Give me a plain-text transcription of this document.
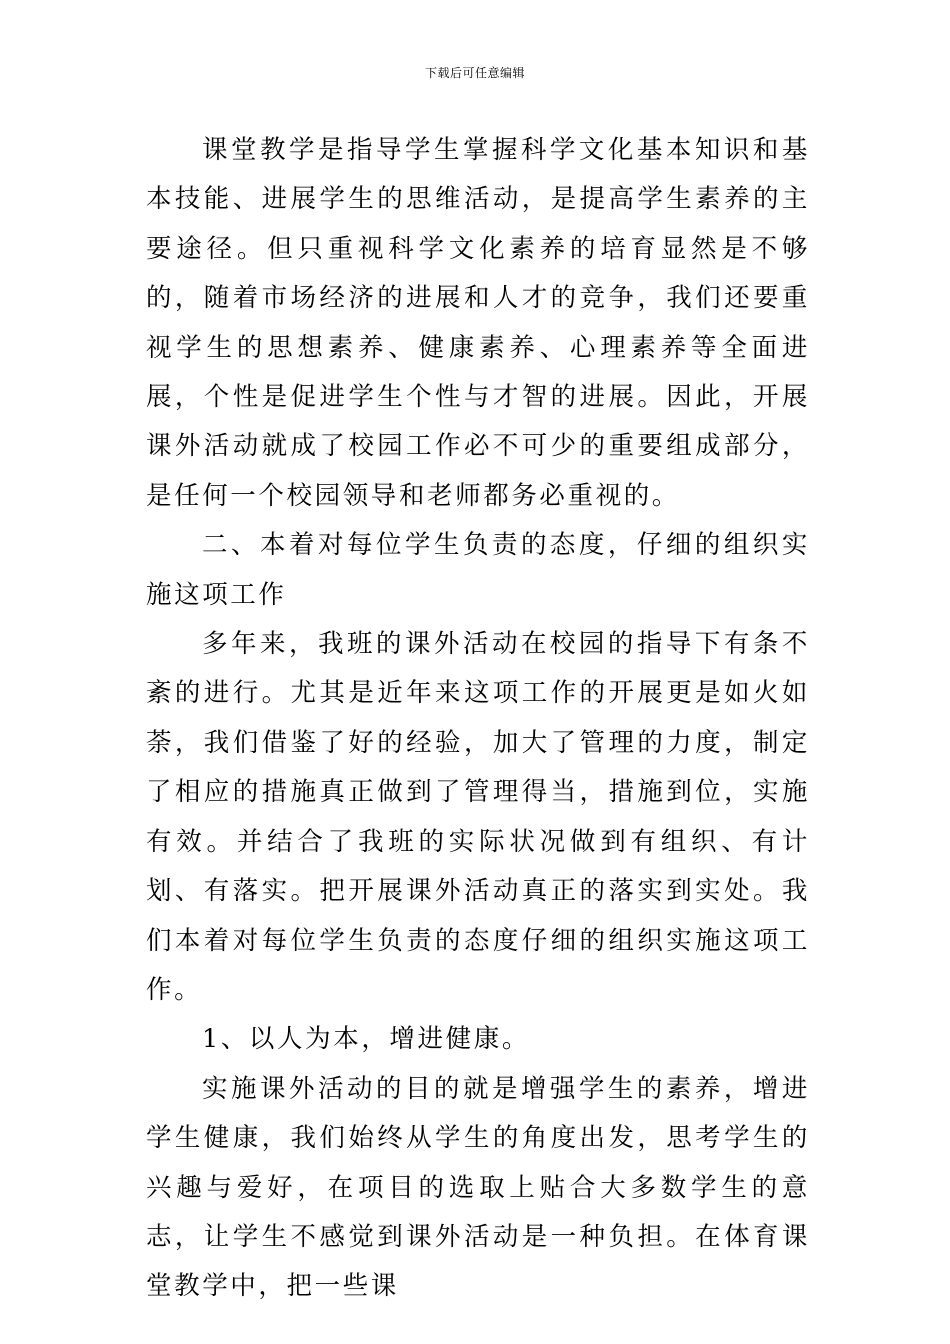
下载后可任意编辑

课堂教学是指导学生掌握科学文化基本知识和基本技能、进展学生的思维活动，是提高学生素养的主要途径。但只重视科学文化素养的培育显然是不够的，随着市场经济的进展和人才的竞争，我们还要重视学生的思想素养、健康素养、心理素养等全面进展，个性是促进学生个性与才智的进展。因此，开展课外活动就成了校园工作必不可少的重要组成部分，是任何一个校园领导和老师都务必重视的。

二、本着对每位学生负责的态度，仔细的组织实施这项工作

多年来，我班的课外活动在校园的指导下有条不紊的进行。尤其是近年来这项工作的开展更是如火如荼，我们借鉴了好的经验，加大了管理的力度，制定了相应的措施真正做到了管理得当，措施到位，实施有效。并结合了我班的实际状况做到有组织、有计划、有落实。把开展课外活动真正的落实到实处。我们本着对每位学生负责的态度仔细的组织实施这项工作。

1、以人为本，增进健康。

实施课外活动的目的就是增强学生的素养，增进学生健康，我们始终从学生的角度出发，思考学生的兴趣与爱好，在项目的选取上贴合大多数学生的意志，让学生不感觉到课外活动是一种负担。在体育课堂教学中，把一些课
